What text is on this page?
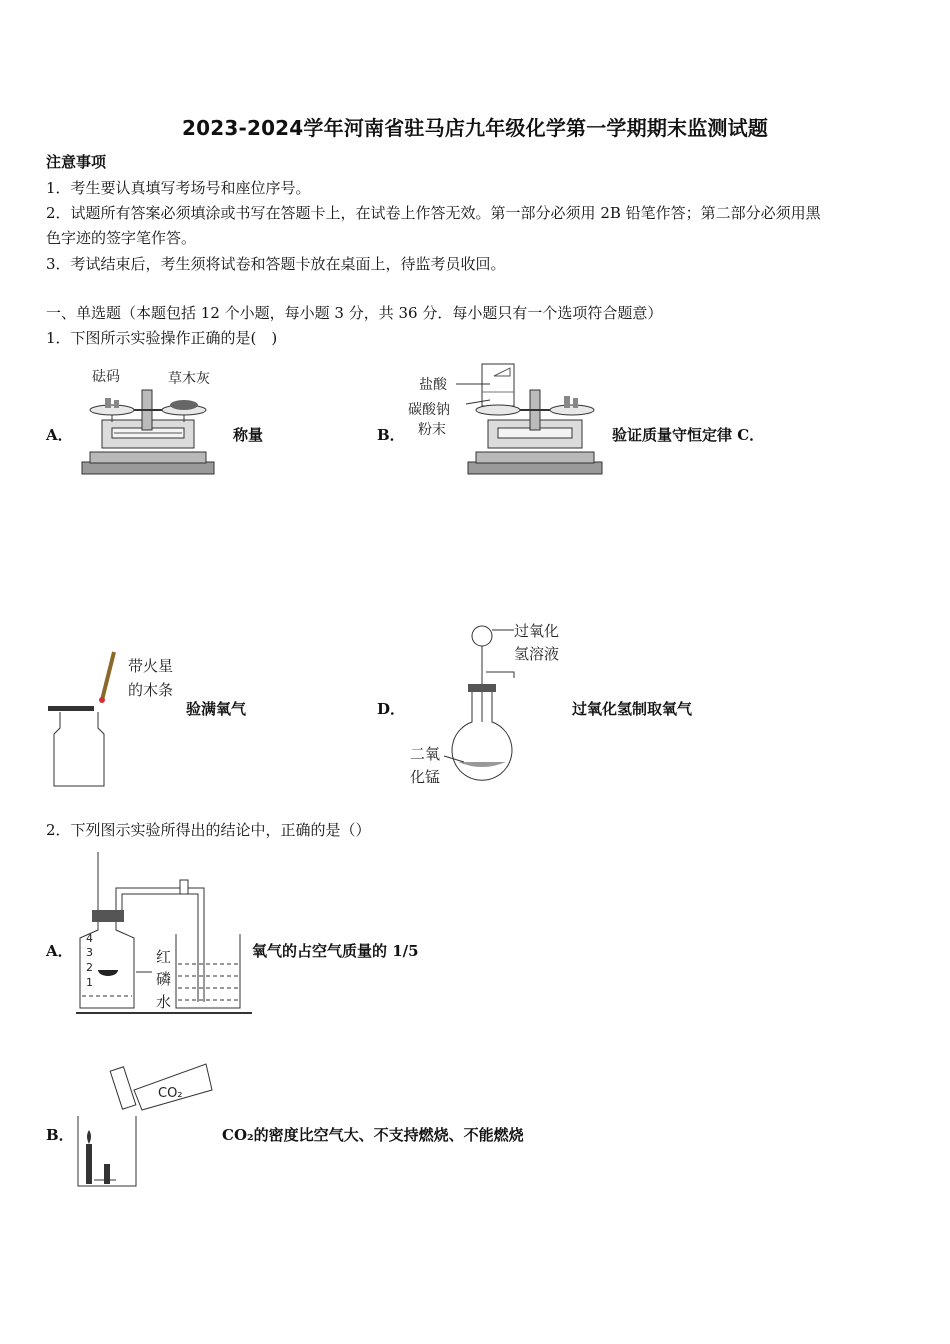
2023-2024学年河南省驻马店九年级化学第一学期期末监测试题
注意事项
1．考生要认真填写考场号和座位序号。
2．试题所有答案必须填涂或书写在答题卡上，在试卷上作答无效。第一部分必须用 2B 铅笔作答；第二部分必须用黑
色字迹的签字笔作答。
3．考试结束后，考生须将试卷和答题卡放在桌面上，待监考员收回。
一、单选题（本题包括 12 个小题，每小题 3 分，共 36 分．每小题只有一个选项符合题意）
1．下图所示实验操作正确的是(　)
A．
砝码	草木灰
称量	B．
盐酸
碳酸钠
粉末	验证质量守恒定律 C．
带火星
的木条
验满氧气	D．
过氧化
氢溶液
二氧
化锰
过氧化氢制取氧气
2．下列图示实验所得出的结论中，正确的是（）
A．
4
3
2
1
红
磷
水
氧气的占空气质量的 1/5
B．
CO₂
CO₂的密度比空气大、不支持燃烧、不能燃烧
